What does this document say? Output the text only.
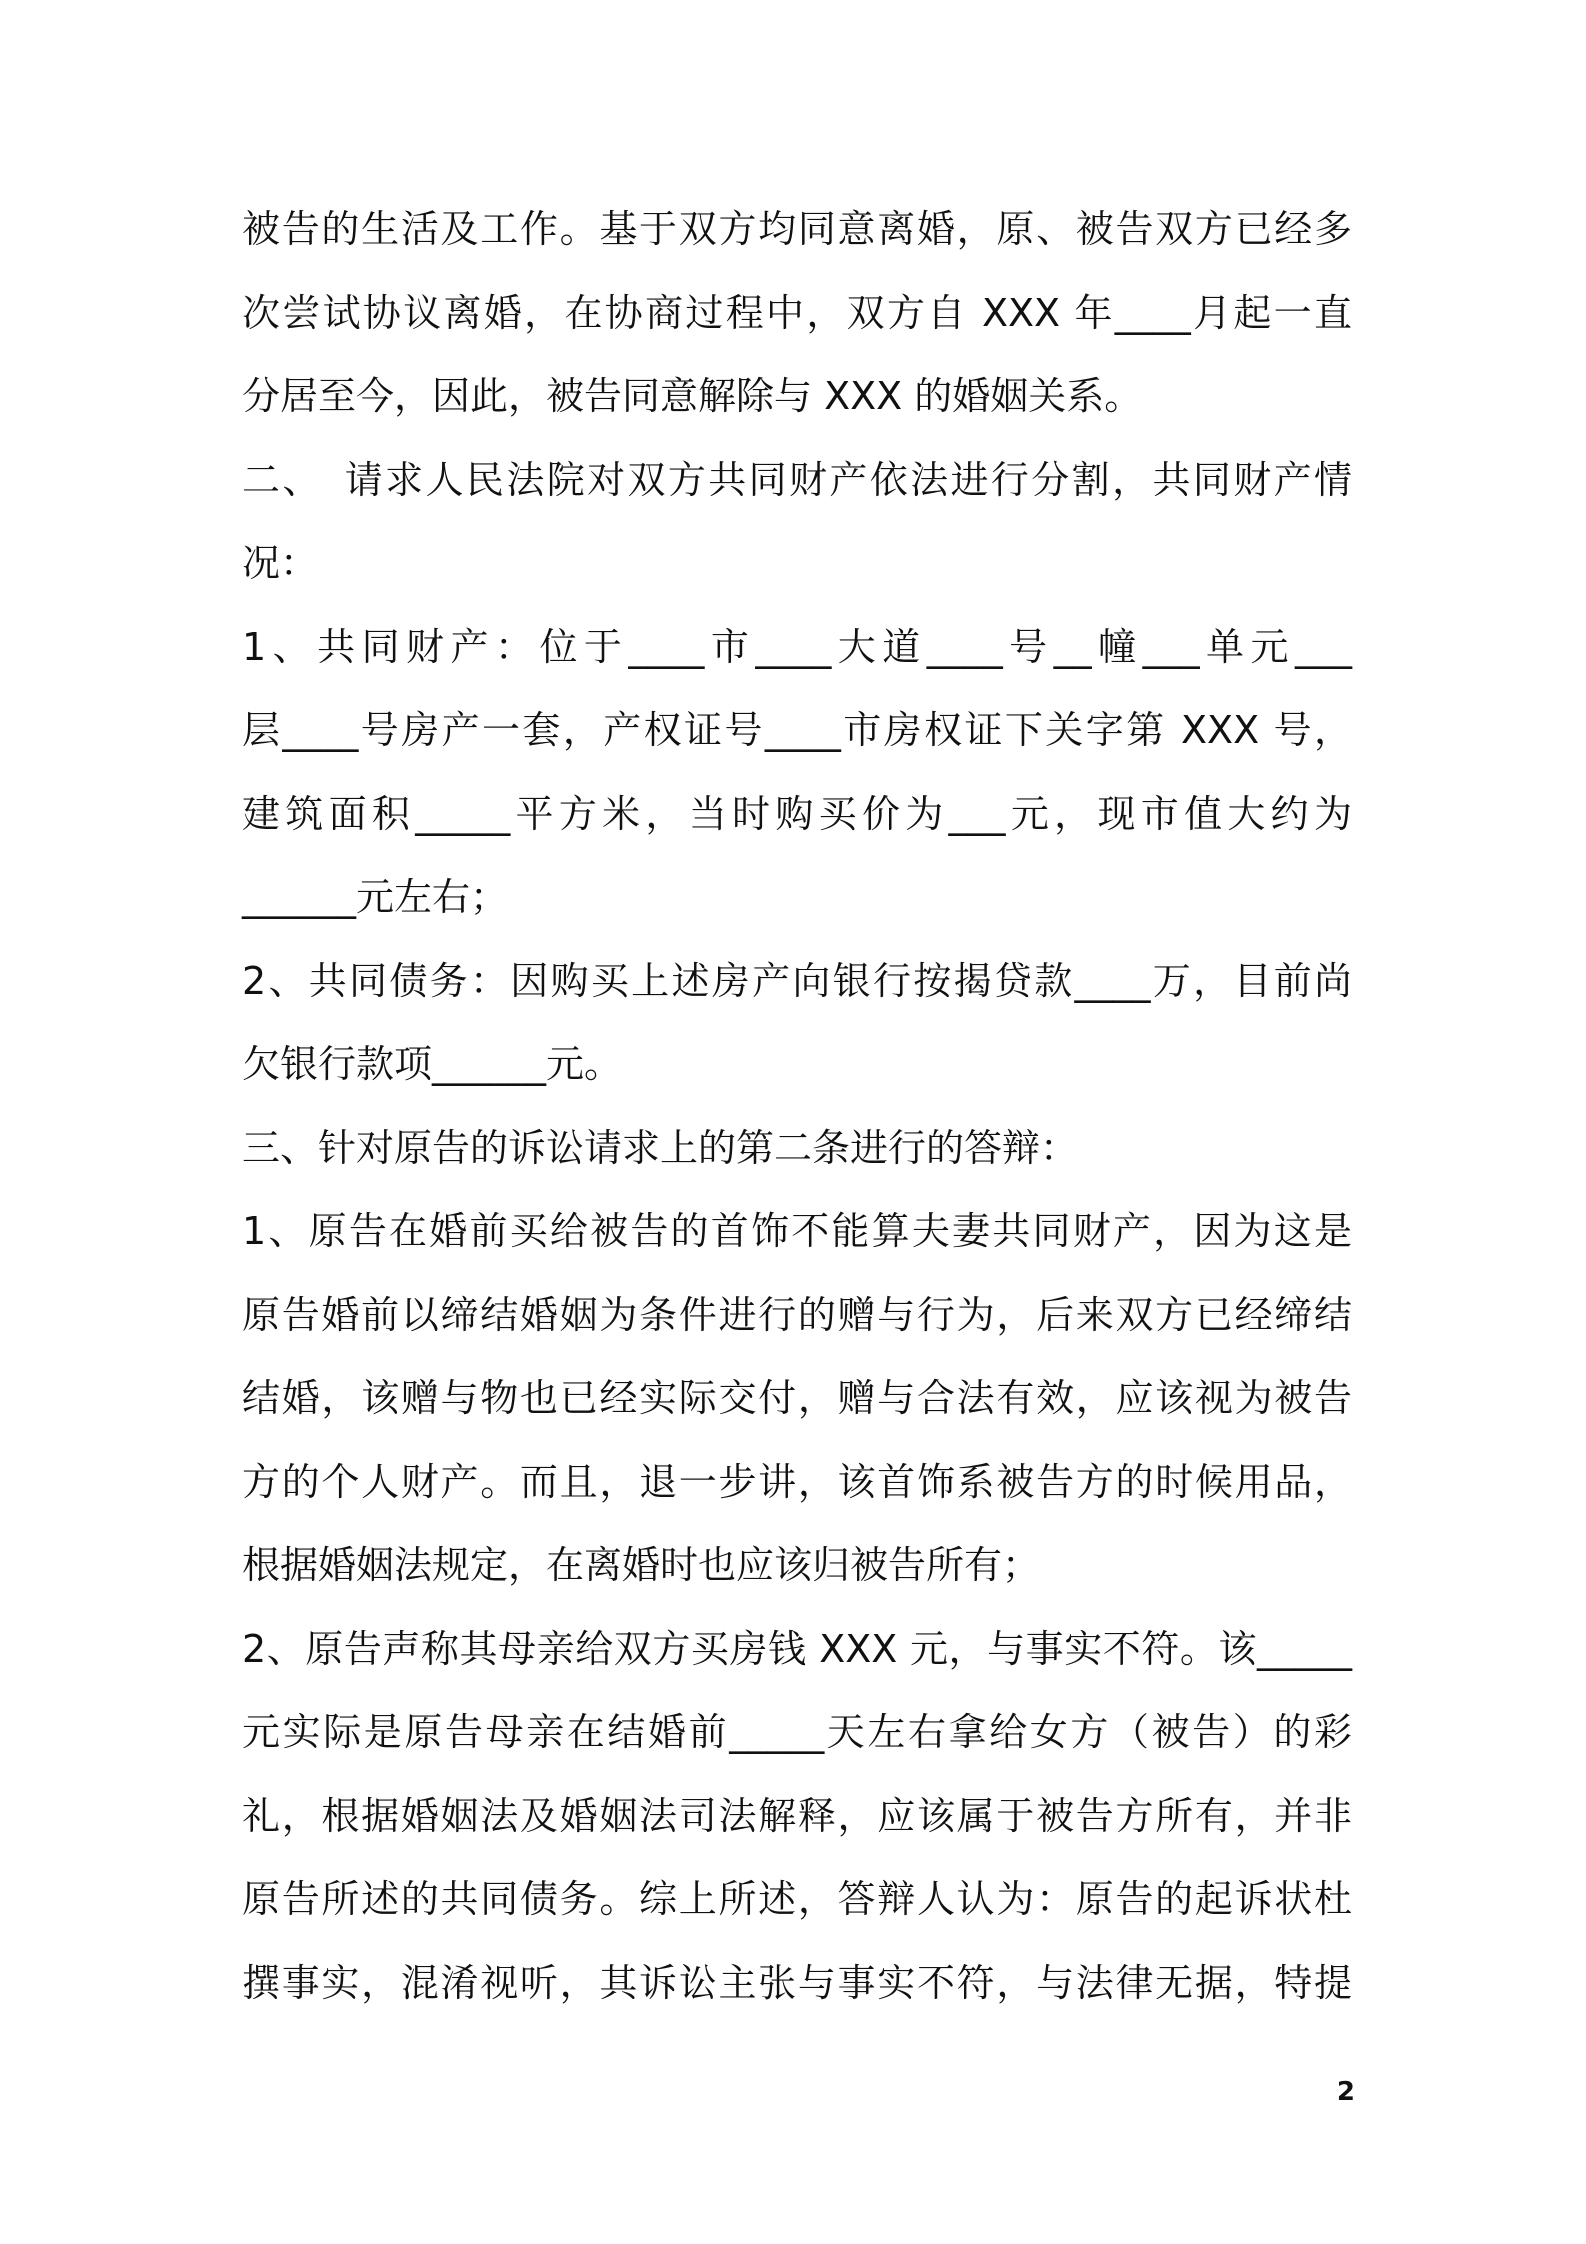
被告的生活及工作。基于双方均同意离婚，原、被告双方已经多
次尝试协议离婚，在协商过程中，双方自 XXX 年____月起一直
分居至今，因此，被告同意解除与 XXX 的婚姻关系。
二、 请求人民法院对双方共同财产依法进行分割，共同财产情
况：
1、共同财产：位于____市____大道____号__幢___单元___
层____号房产一套，产权证号____市房权证下关字第 XXX 号，
建筑面积_____平方米，当时购买价为___元，现市值大约为
______元左右；
2、共同债务：因购买上述房产向银行按揭贷款____万，目前尚
欠银行款项______元。
三、针对原告的诉讼请求上的第二条进行的答辩：
1、原告在婚前买给被告的首饰不能算夫妻共同财产，因为这是
原告婚前以缔结婚姻为条件进行的赠与行为，后来双方已经缔结
结婚，该赠与物也已经实际交付，赠与合法有效，应该视为被告
方的个人财产。而且，退一步讲，该首饰系被告方的时候用品，
根据婚姻法规定，在离婚时也应该归被告所有；
2、原告声称其母亲给双方买房钱 XXX 元，与事实不符。该_____
元实际是原告母亲在结婚前_____天左右拿给女方（被告）的彩
礼，根据婚姻法及婚姻法司法解释，应该属于被告方所有，并非
原告所述的共同债务。综上所述，答辩人认为：原告的起诉状杜
撰事实，混淆视听，其诉讼主张与事实不符，与法律无据，特提
2
